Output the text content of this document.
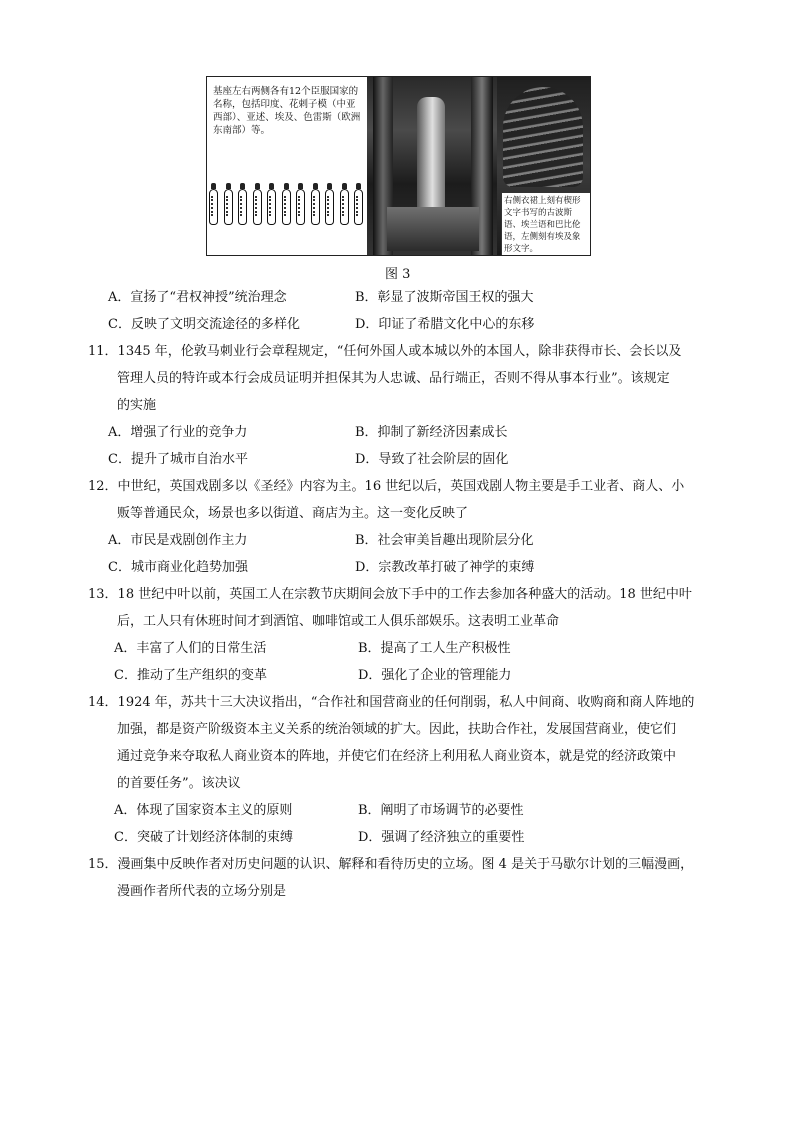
基座左右两侧各有12个臣服国家的名称，包括印度、花剌子模（中亚西部）、亚述、埃及、色雷斯（欧洲东南部）等。
右侧衣裙上刻有楔形文字书写的古波斯语、埃兰语和巴比伦语，左侧刻有埃及象形文字。
图 3
A．宣扬了“君权神授”统治理念	B．彰显了波斯帝国王权的强大
C．反映了文明交流途径的多样化	D．印证了希腊文化中心的东移
11．1345 年，伦敦马刺业行会章程规定，“任何外国人或本城以外的本国人，除非获得市长、会长以及
管理人员的特许或本行会成员证明并担保其为人忠诚、品行端正，否则不得从事本行业”。该规定
的实施
A．增强了行业的竞争力	B．抑制了新经济因素成长
C．提升了城市自治水平	D．导致了社会阶层的固化
12．中世纪，英国戏剧多以《圣经》内容为主。16 世纪以后，英国戏剧人物主要是手工业者、商人、小
贩等普通民众，场景也多以街道、商店为主。这一变化反映了
A．市民是戏剧创作主力	B．社会审美旨趣出现阶层分化
C．城市商业化趋势加强	D．宗教改革打破了神学的束缚
13．18 世纪中叶以前，英国工人在宗教节庆期间会放下手中的工作去参加各种盛大的活动。18 世纪中叶
后，工人只有休班时间才到酒馆、咖啡馆或工人俱乐部娱乐。这表明工业革命
A．丰富了人们的日常生活	B．提高了工人生产积极性
C．推动了生产组织的变革	D．强化了企业的管理能力
14．1924 年，苏共十三大决议指出，“合作社和国营商业的任何削弱，私人中间商、收购商和商人阵地的
加强，都是资产阶级资本主义关系的统治领域的扩大。因此，扶助合作社，发展国营商业，使它们
通过竞争来夺取私人商业资本的阵地，并使它们在经济上利用私人商业资本，就是党的经济政策中
的首要任务”。该决议
A．体现了国家资本主义的原则	B．阐明了市场调节的必要性
C．突破了计划经济体制的束缚	D．强调了经济独立的重要性
15．漫画集中反映作者对历史问题的认识、解释和看待历史的立场。图 4 是关于马歇尔计划的三幅漫画，
漫画作者所代表的立场分别是
